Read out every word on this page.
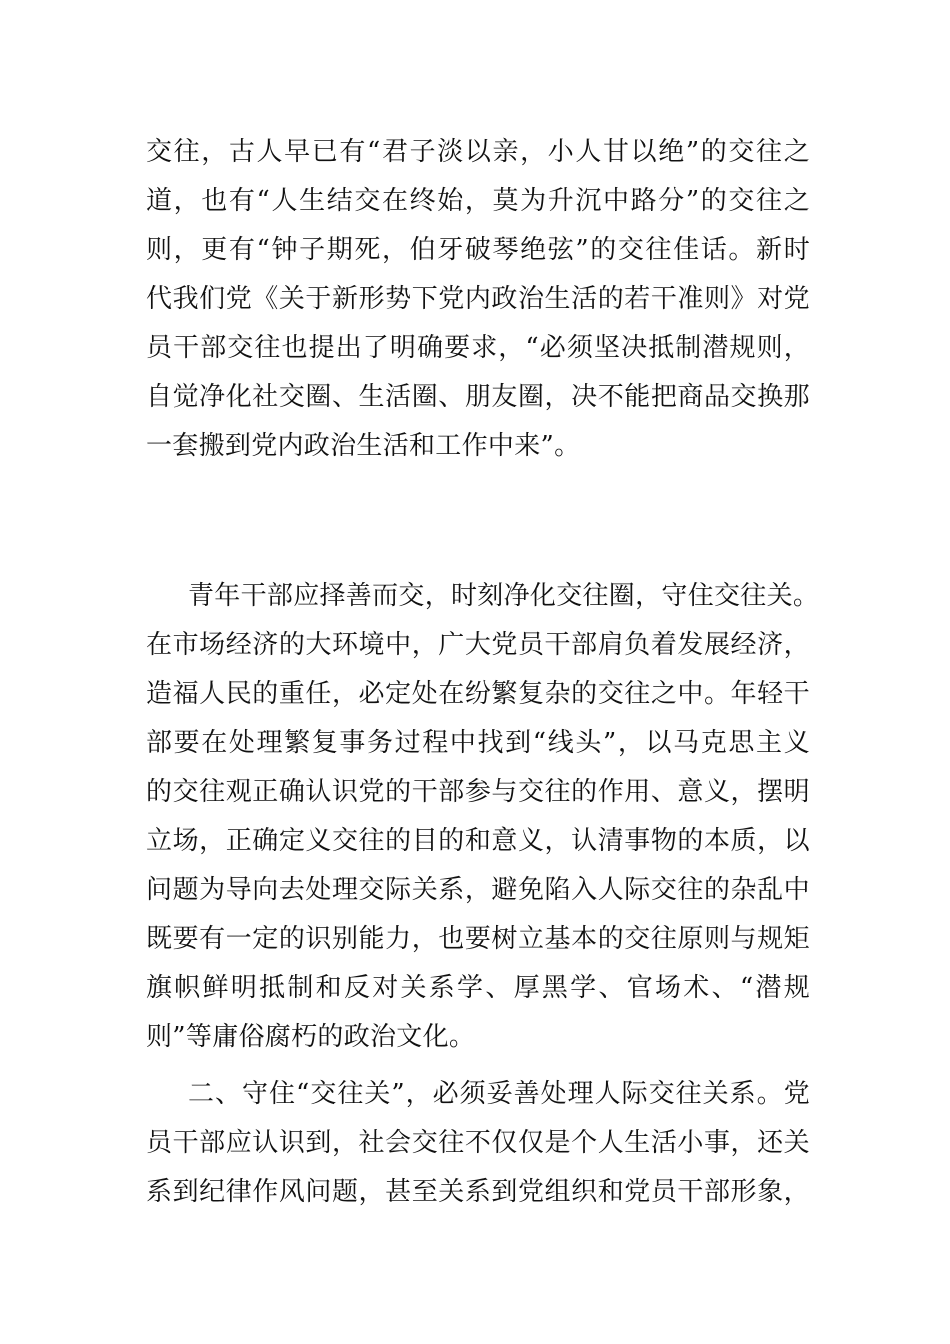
交往，古人早已有“君子淡以亲，小人甘以绝”的交往之
道，也有“人生结交在终始，莫为升沉中路分”的交往之
则，更有“钟子期死，伯牙破琴绝弦”的交往佳话。新时
代我们党《关于新形势下党内政治生活的若干准则》对党
员干部交往也提出了明确要求，“必须坚决抵制潜规则，
自觉净化社交圈、生活圈、朋友圈，决不能把商品交换那
一套搬到党内政治生活和工作中来”。
青年干部应择善而交，时刻净化交往圈，守住交往关。
在市场经济的大环境中，广大党员干部肩负着发展经济，
造福人民的重任，必定处在纷繁复杂的交往之中。年轻干
部要在处理繁复事务过程中找到“线头”，以马克思主义
的交往观正确认识党的干部参与交往的作用、意义，摆明
立场，正确定义交往的目的和意义，认清事物的本质，以
问题为导向去处理交际关系，避免陷入人际交往的杂乱中
既要有一定的识别能力，也要树立基本的交往原则与规矩
旗帜鲜明抵制和反对关系学、厚黑学、官场术、“潜规
则”等庸俗腐朽的政治文化。
二、守住“交往关”，必须妥善处理人际交往关系。党
员干部应认识到，社会交往不仅仅是个人生活小事，还关
系到纪律作风问题，甚至关系到党组织和党员干部形象，
